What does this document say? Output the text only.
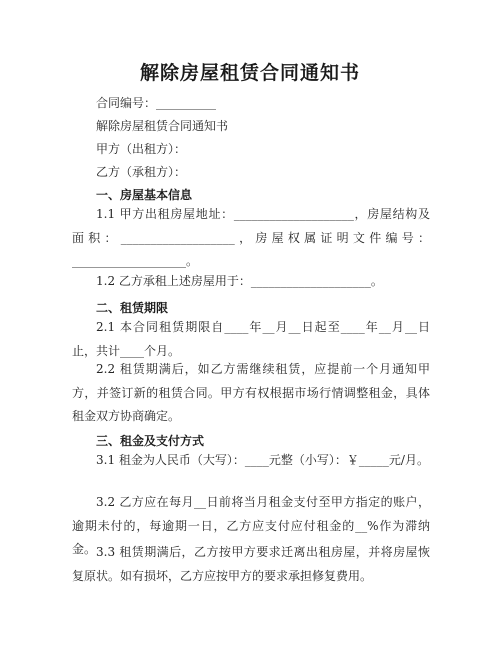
解除房屋租赁合同通知书
合同编号：__________
解除房屋租赁合同通知书
甲方（出租方）：
乙方（承租方）：
一、房屋基本信息
1.1 甲方出租房屋地址：____________________，房屋结构及面积：___________________，房屋权属证明文件编号：___________________。
1.2 乙方承租上述房屋用于：____________________。
二、租赁期限
2.1 本合同租赁期限自____年__月__日起至____年__月__日止，共计____个月。
2.2 租赁期满后，如乙方需继续租赁，应提前一个月通知甲方，并签订新的租赁合同。甲方有权根据市场行情调整租金，具体租金双方协商确定。
三、租金及支付方式
3.1 租金为人民币（大写）：____元整（小写）：￥_____元/月。
3.2 乙方应在每月__日前将当月租金支付至甲方指定的账户，逾期未付的，每逾期一日，乙方应支付应付租金的__%作为滞纳金。 3.3 租赁期满后，乙方按甲方要求迁离出租房屋，并将房屋恢复原状。如有损坏，乙方应按甲方的要求承担修复费用。
